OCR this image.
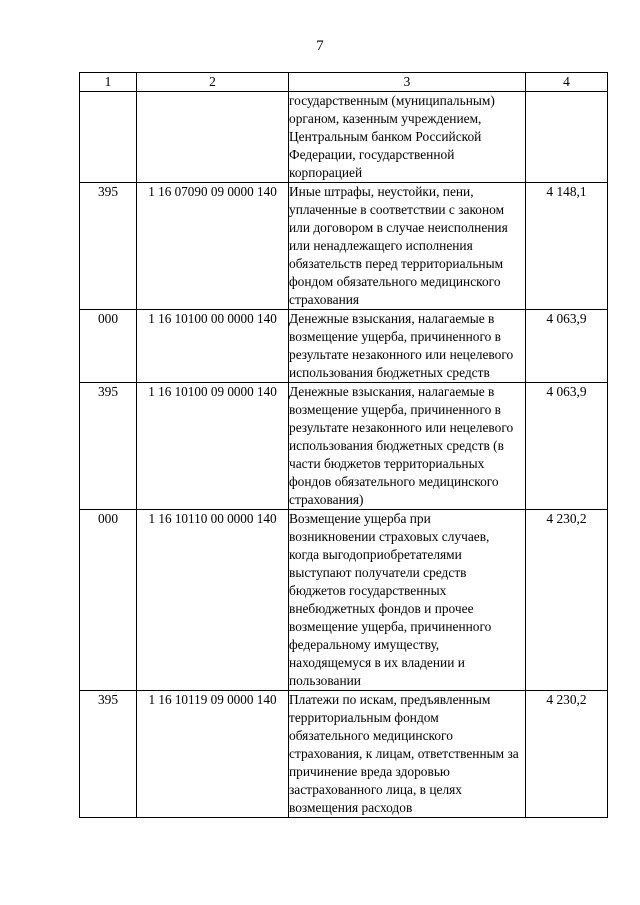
7
1	2	3	4

		государственным (муниципальным) органом, казенным учреждением, Центральным банком Российской Федерации, государственной корпорацией	

395	1 16 07090 09 0000 140	Иные штрафы, неустойки, пени, уплаченные в соответствии с законом или договором в случае неисполнения или ненадлежащего исполнения обязательств перед территориальным фондом обязательного медицинского страхования	4 148,1
000	1 16 10100 00 0000 140	Денежные взыскания, налагаемые в возмещение ущерба, причиненного в результате незаконного или нецелевого использования бюджетных средств	4 063,9
395	1 16 10100 09 0000 140	Денежные взыскания, налагаемые в возмещение ущерба, причиненного в результате незаконного или нецелевого использования бюджетных средств (в части бюджетов территориальных фондов обязательного медицинского страхования)	4 063,9
000	1 16 10110 00 0000 140	Возмещение ущерба при возникновении страховых случаев, когда выгодоприобретателями выступают получатели средств бюджетов государственных внебюджетных фондов и прочее возмещение ущерба, причиненного федеральному имуществу, находящемуся в их владении и пользовании	4 230,2
395	1 16 10119 09 0000 140	Платежи по искам, предъявленным территориальным фондом обязательного медицинского страхования, к лицам, ответственным за причинение вреда здоровью застрахованного лица, в целях возмещения расходов	4 230,2
